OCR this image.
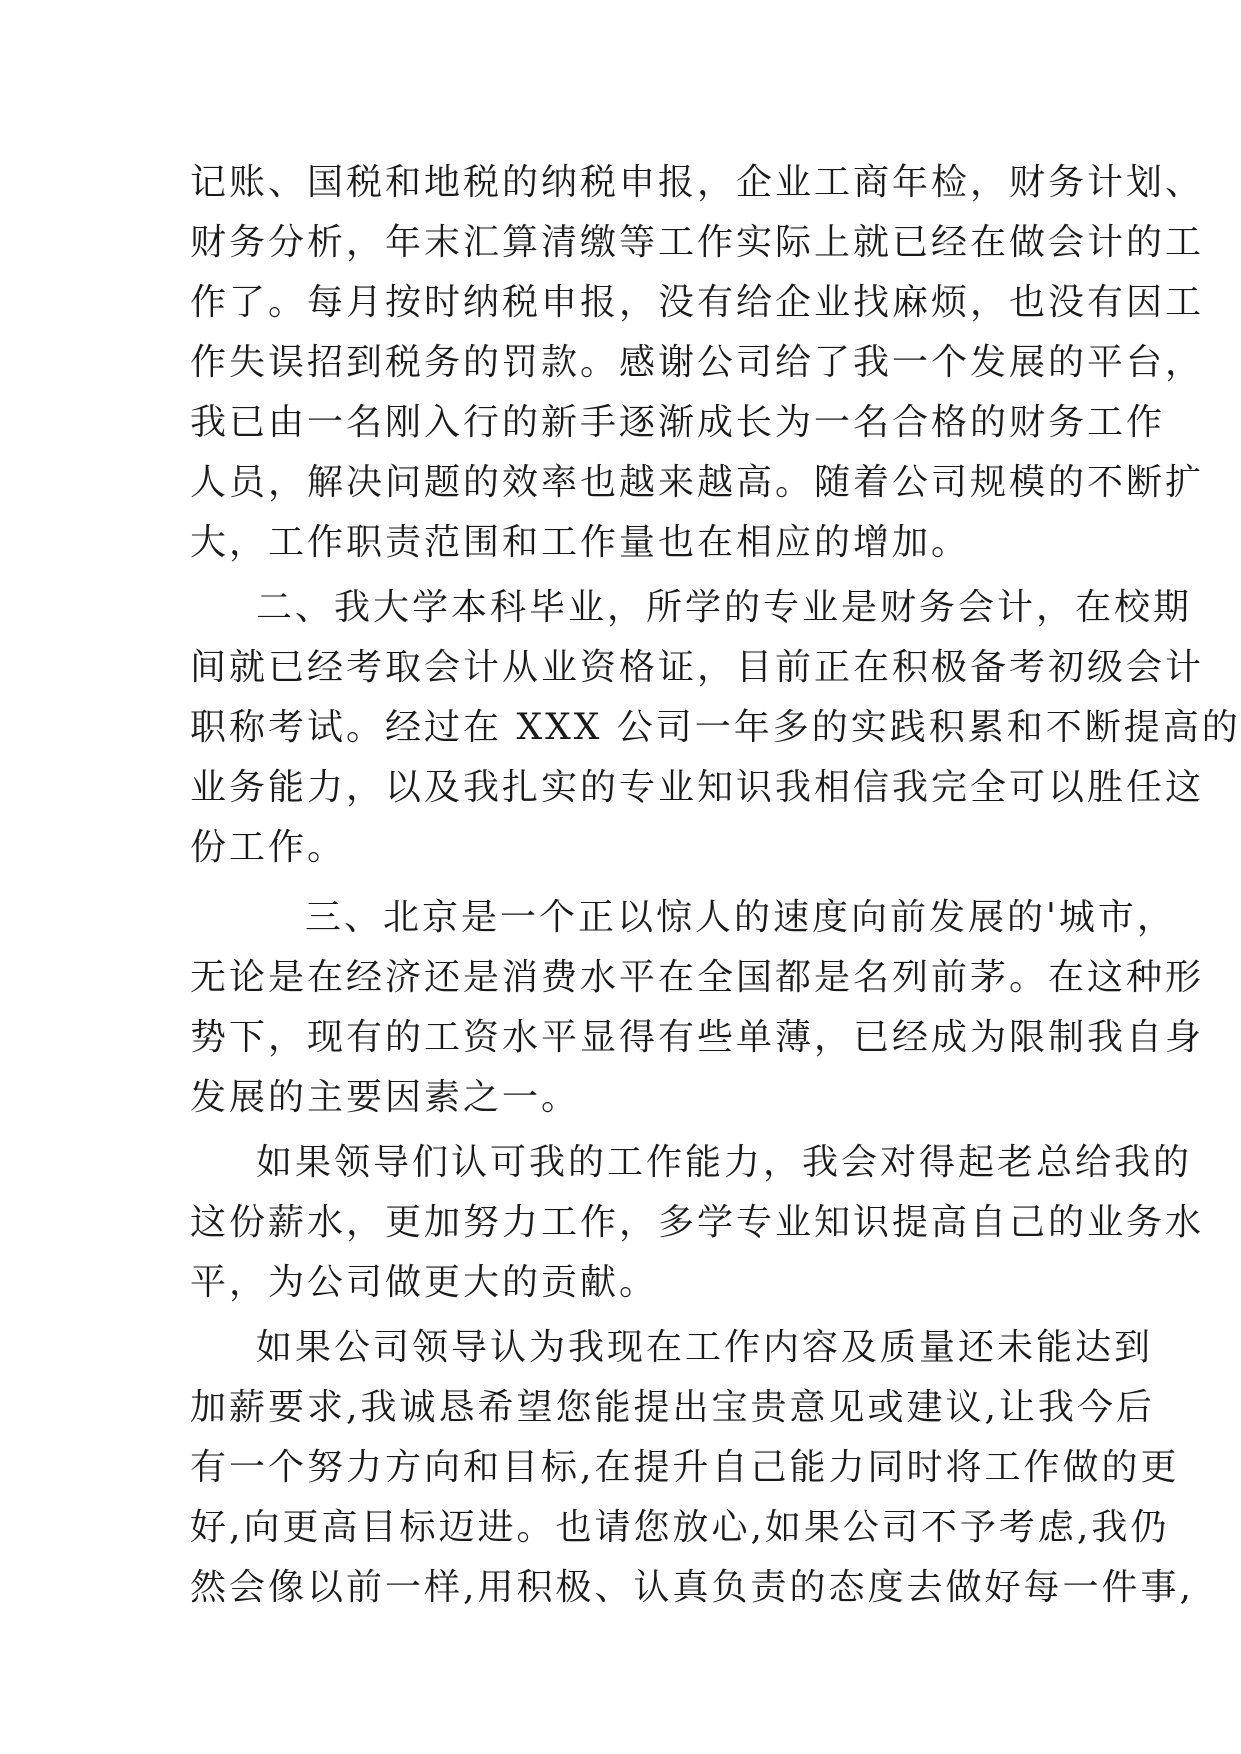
记账、国税和地税的纳税申报，企业工商年检，财务计划、
财务分析，年末汇算清缴等工作实际上就已经在做会计的工
作了。每月按时纳税申报，没有给企业找麻烦，也没有因工
作失误招到税务的罚款。感谢公司给了我一个发展的平台，
我已由一名刚入行的新手逐渐成长为一名合格的财务工作
人员，解决问题的效率也越来越高。随着公司规模的不断扩
大，工作职责范围和工作量也在相应的增加。
二、我大学本科毕业，所学的专业是财务会计，在校期
间就已经考取会计从业资格证，目前正在积极备考初级会计
职称考试。经过在 XXX 公司一年多的实践积累和不断提高的
业务能力，以及我扎实的专业知识我相信我完全可以胜任这
份工作。
三、北京是一个正以惊人的速度向前发展的'城市，
无论是在经济还是消费水平在全国都是名列前茅。在这种形
势下，现有的工资水平显得有些单薄，已经成为限制我自身
发展的主要因素之一。
如果领导们认可我的工作能力，我会对得起老总给我的
这份薪水，更加努力工作，多学专业知识提高自己的业务水
平，为公司做更大的贡献。
如果公司领导认为我现在工作内容及质量还未能达到
加薪要求,我诚恳希望您能提出宝贵意见或建议,让我今后
有一个努力方向和目标,在提升自己能力同时将工作做的更
好,向更高目标迈进。也请您放心,如果公司不予考虑,我仍
然会像以前一样,用积极、认真负责的态度去做好每一件事,
